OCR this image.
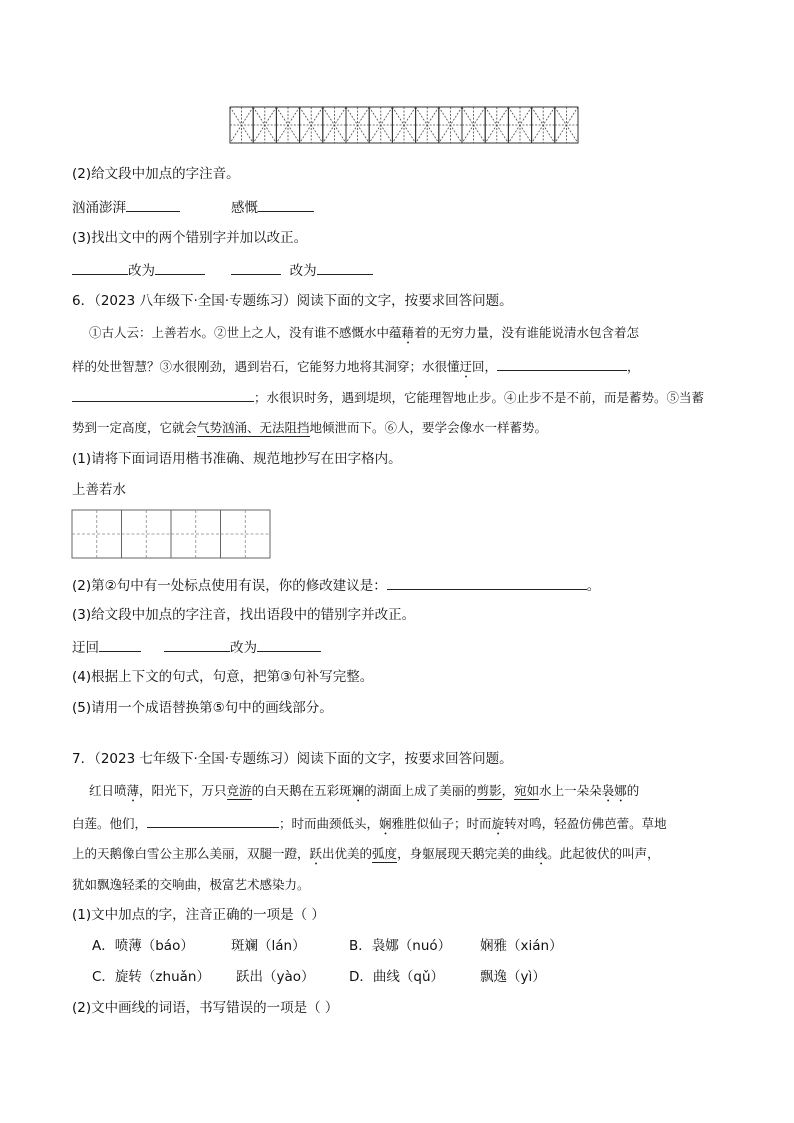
(2)给文段中加点的字注音。
汹涌澎湃	感慨
(3)找出文中的两个错别字并加以改正。
改为	改为
6．（2023 八年级下·全国·专题练习）阅读下面的文字，按要求回答问题。
①古人云：上善若水。②世上之人，没有谁不感慨水中蕴藉着的无穷力量，没有谁能说清水包含着怎
样的处世智慧？③水很刚劲，遇到岩石，它能努力地将其洞穿；水很懂迂回，	，
；水很识时务，遇到堤坝，它能理智地止步。④止步不是不前，而是蓄势。⑤当蓄
势到一定高度，它就会气势汹涌、无法阻挡地倾泄而下。⑥人，要学会像水一样蓄势。
(1)请将下面词语用楷书准确、规范地抄写在田字格内。
上善若水
(2)第②句中有一处标点使用有误，你的修改建议是：	。
(3)给文段中加点的字注音，找出语段中的错别字并改正。
迂回	改为
(4)根据上下文的句式，句意，把第③句补写完整。
(5)请用一个成语替换第⑤句中的画线部分。
7．（2023 七年级下·全国·专题练习）阅读下面的文字，按要求回答问题。
红日喷薄，阳光下，万只竞游的白天鹅在五彩斑斓的湖面上成了美丽的剪影，宛如水上一朵朵袅娜的
白莲。他们，	；时而曲颈低头，娴雅胜似仙子；时而旋转对鸣，轻盈仿佛芭蕾。草地
上的天鹅像白雪公主那么美丽，双腿一蹬，跃出优美的弧度，身躯展现天鹅完美的曲线。此起彼伏的叫声，
犹如飘逸轻柔的交响曲，极富艺术感染力。
(1)文中加点的字，注音正确的一项是（ ）
A．喷薄（báo）	斑斓（lán）	B．袅娜（nuó） 娴雅（xián）
C．旋转（zhuǎn） 跃出（yào）	D．曲线（qǔ）	飘逸（yì）
(2)文中画线的词语，书写错误的一项是（ ）
